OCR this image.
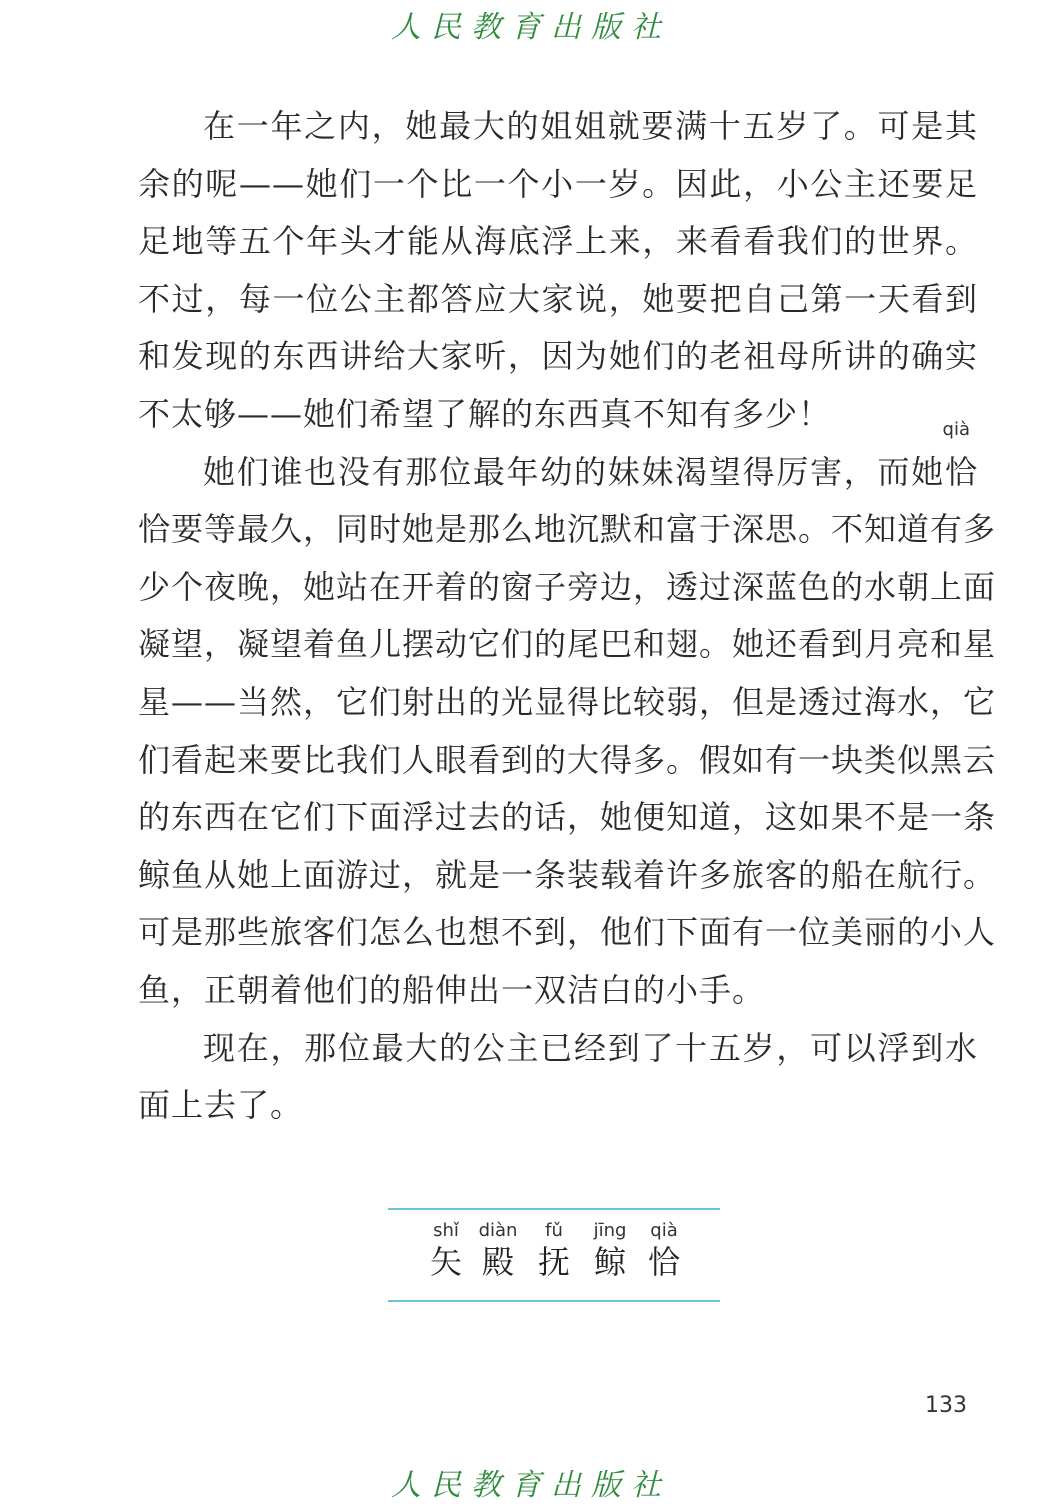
人民教育出版社
在一年之内，她最大的姐姐就要满十五岁了。可是其
余的呢——她们一个比一个小一岁。因此，小公主还要足
足地等五个年头才能从海底浮上来，来看看我们的世界。
不过，每一位公主都答应大家说，她要把自己第一天看到
和发现的东西讲给大家听，因为她们的老祖母所讲的确实
不太够——她们希望了解的东西真不知有多少！
她们谁也没有那位最年幼的妹妹渴望得厉害，而她恰
qià
恰要等最久，同时她是那么地沉默和富于深思。不知道有多
少个夜晚，她站在开着的窗子旁边，透过深蓝色的水朝上面
凝望，凝望着鱼儿摆动它们的尾巴和翅。她还看到月亮和星
星——当然，它们射出的光显得比较弱，但是透过海水，它
们看起来要比我们人眼看到的大得多。假如有一块类似黑云
的东西在它们下面浮过去的话，她便知道，这如果不是一条
鲸鱼从她上面游过，就是一条装载着许多旅客的船在航行。
可是那些旅客们怎么也想不到，他们下面有一位美丽的小人
鱼，正朝着他们的船伸出一双洁白的小手。
现在，那位最大的公主已经到了十五岁，可以浮到水
面上去了。
shǐ
矢
diàn
殿
fǔ
抚
jīng
鲸
qià
恰
133
人民教育出版社
